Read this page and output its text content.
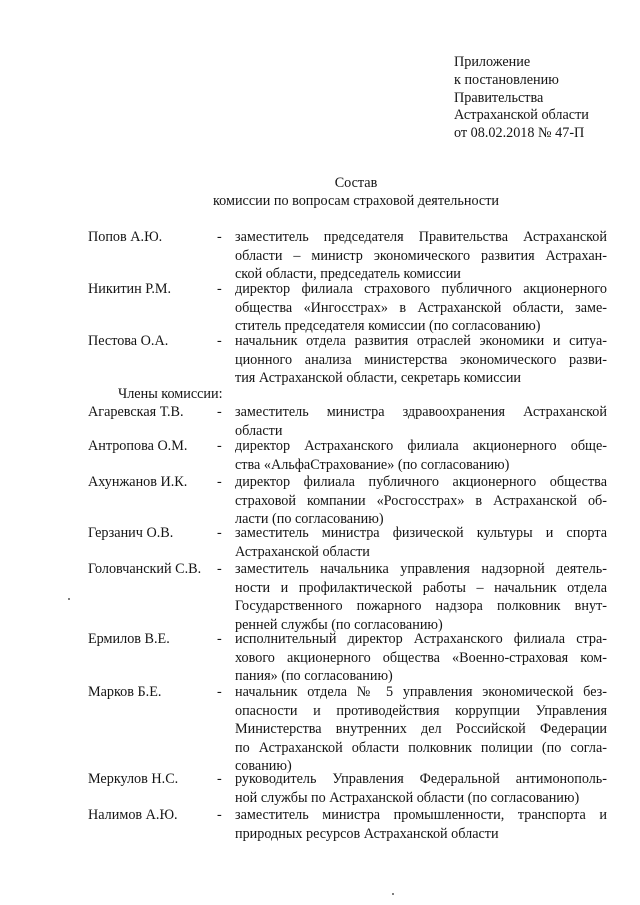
Приложение
к постановлению
Правительства
Астраханской области
от 08.02.2018 № 47-П
Состав
комиссии по вопросам страховой деятельности
Попов А.Ю.	- заместитель председателя Правительства Астраханской
области – министр экономического развития Астрахан-
ской области, председатель комиссии
Никитин Р.М.	- директор филиала страхового публичного акционерного
общества «Ингосстрах» в Астраханской области, заме-
ститель председателя комиссии (по согласованию)
Пестова О.А.	- начальник отдела развития отраслей экономики и ситуа-
ционного анализа министерства экономического разви-
тия Астраханской области, секретарь комиссии
Члены комиссии:
Агаревская Т.В. - заместитель министра здравоохранения Астраханской
области
Антропова О.М. - директор Астраханского филиала акционерного обще-
ства «АльфаСтрахование» (по согласованию)
Ахунжанов И.К. - директор филиала публичного акционерного общества
страховой компании «Росгосстрах» в Астраханской об-
ласти (по согласованию)
Герзанич О.В.	- заместитель министра физической культуры и спорта
Астраханской области
Головчанский С.В. - заместитель начальника управления надзорной деятель-
ности и профилактической работы – начальник отдела
Государственного пожарного надзора полковник внут-
ренней службы (по согласованию)
Ермилов В.Е.	- исполнительный директор Астраханского филиала стра-
хового акционерного общества «Военно-страховая ком-
пания» (по согласованию)
Марков Б.Е.	- начальник отдела № 5 управления экономической без-
опасности и противодействия коррупции Управления
Министерства внутренних дел Российской Федерации
по Астраханской области полковник полиции (по согла-
сованию)
Меркулов Н.С.	- руководитель Управления Федеральной антимонополь-
ной службы по Астраханской области (по согласованию)
Налимов А.Ю.	- заместитель министра промышленности, транспорта и
природных ресурсов Астраханской области
